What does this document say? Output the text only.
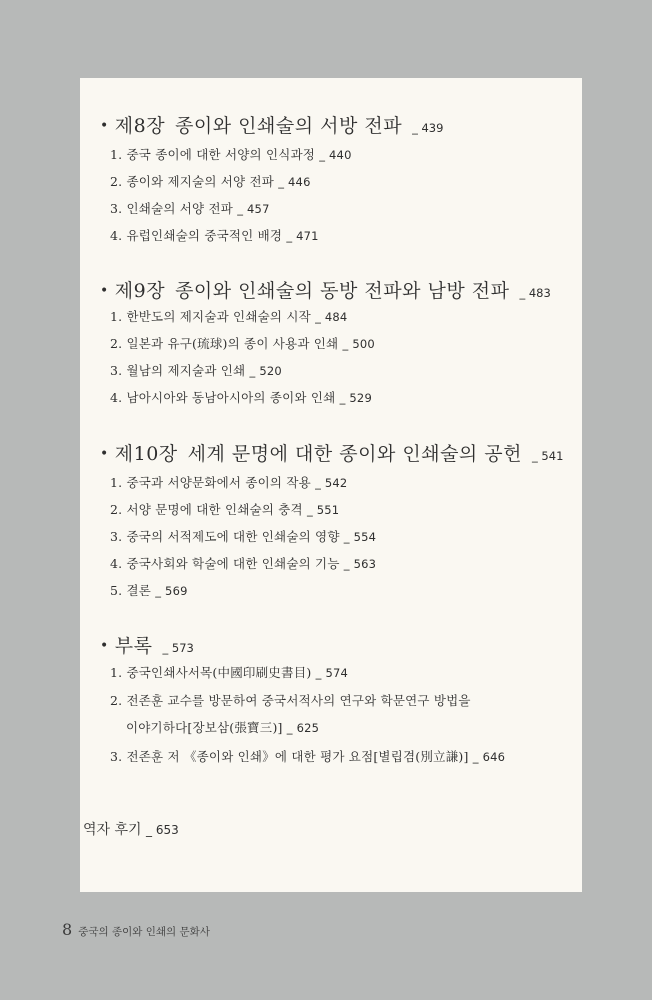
• 제8장 종이와 인쇄술의 서방 전파 _ 439
1. 중국 종이에 대한 서양의 인식과정 _ 440
2. 종이와 제지술의 서양 전파 _ 446
3. 인쇄술의 서양 전파 _ 457
4. 유럽인쇄술의 중국적인 배경 _ 471
• 제9장 종이와 인쇄술의 동방 전파와 남방 전파 _ 483
1. 한반도의 제지술과 인쇄술의 시작 _ 484
2. 일본과 유구(琉球)의 종이 사용과 인쇄 _ 500
3. 월남의 제지술과 인쇄 _ 520
4. 남아시아와 동남아시아의 종이와 인쇄 _ 529
• 제10장 세계 문명에 대한 종이와 인쇄술의 공헌 _ 541
1. 중국과 서양문화에서 종이의 작용 _ 542
2. 서양 문명에 대한 인쇄술의 충격 _ 551
3. 중국의 서적제도에 대한 인쇄술의 영향 _ 554
4. 중국사회와 학술에 대한 인쇄술의 기능 _ 563
5. 결론 _ 569
• 부록 _ 573
1. 중국인쇄사서목(中國印刷史書目) _ 574
2. 전존훈 교수를 방문하여 중국서적사의 연구와 학문연구 방법을
이야기하다[장보삼(張寶三)] _ 625
3. 전존훈 저 《종이와 인쇄》에 대한 평가 요점[별립겸(別立謙)] _ 646
역자 후기 _ 653
8 중국의 종이와 인쇄의 문화사
